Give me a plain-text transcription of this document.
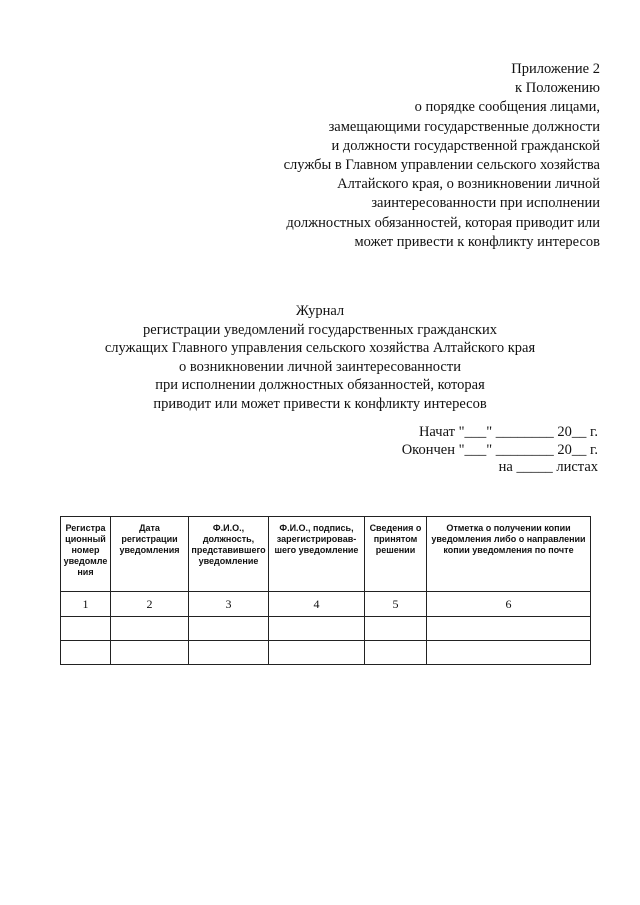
Приложение 2
к Положению
о порядке сообщения лицами,
замещающими государственные должности
и должности государственной гражданской
службы в Главном управлении сельского хозяйства
Алтайского края, о возникновении личной
заинтересованности при исполнении
должностных обязанностей, которая приводит или
может привести к конфликту интересов
Журнал
регистрации уведомлений государственных гражданских
служащих Главного управления сельского хозяйства Алтайского края
о возникновении личной заинтересованности
при исполнении должностных обязанностей, которая
приводит или может привести к конфликту интересов
Начат "___" ________ 20__ г.
Окончен "___" ________ 20__ г.
на _____ листах
Регистра ционный номер уведомле ния	Дата регистрации уведомления	Ф.И.О., должность, представившего уведомление	Ф.И.О., подпись, зарегистрировав-шего уведомление	Сведения о принятом решении	Отметка о получении копии уведомления либо о направлении копии уведомления по почте
1	2	3	4	5	6
